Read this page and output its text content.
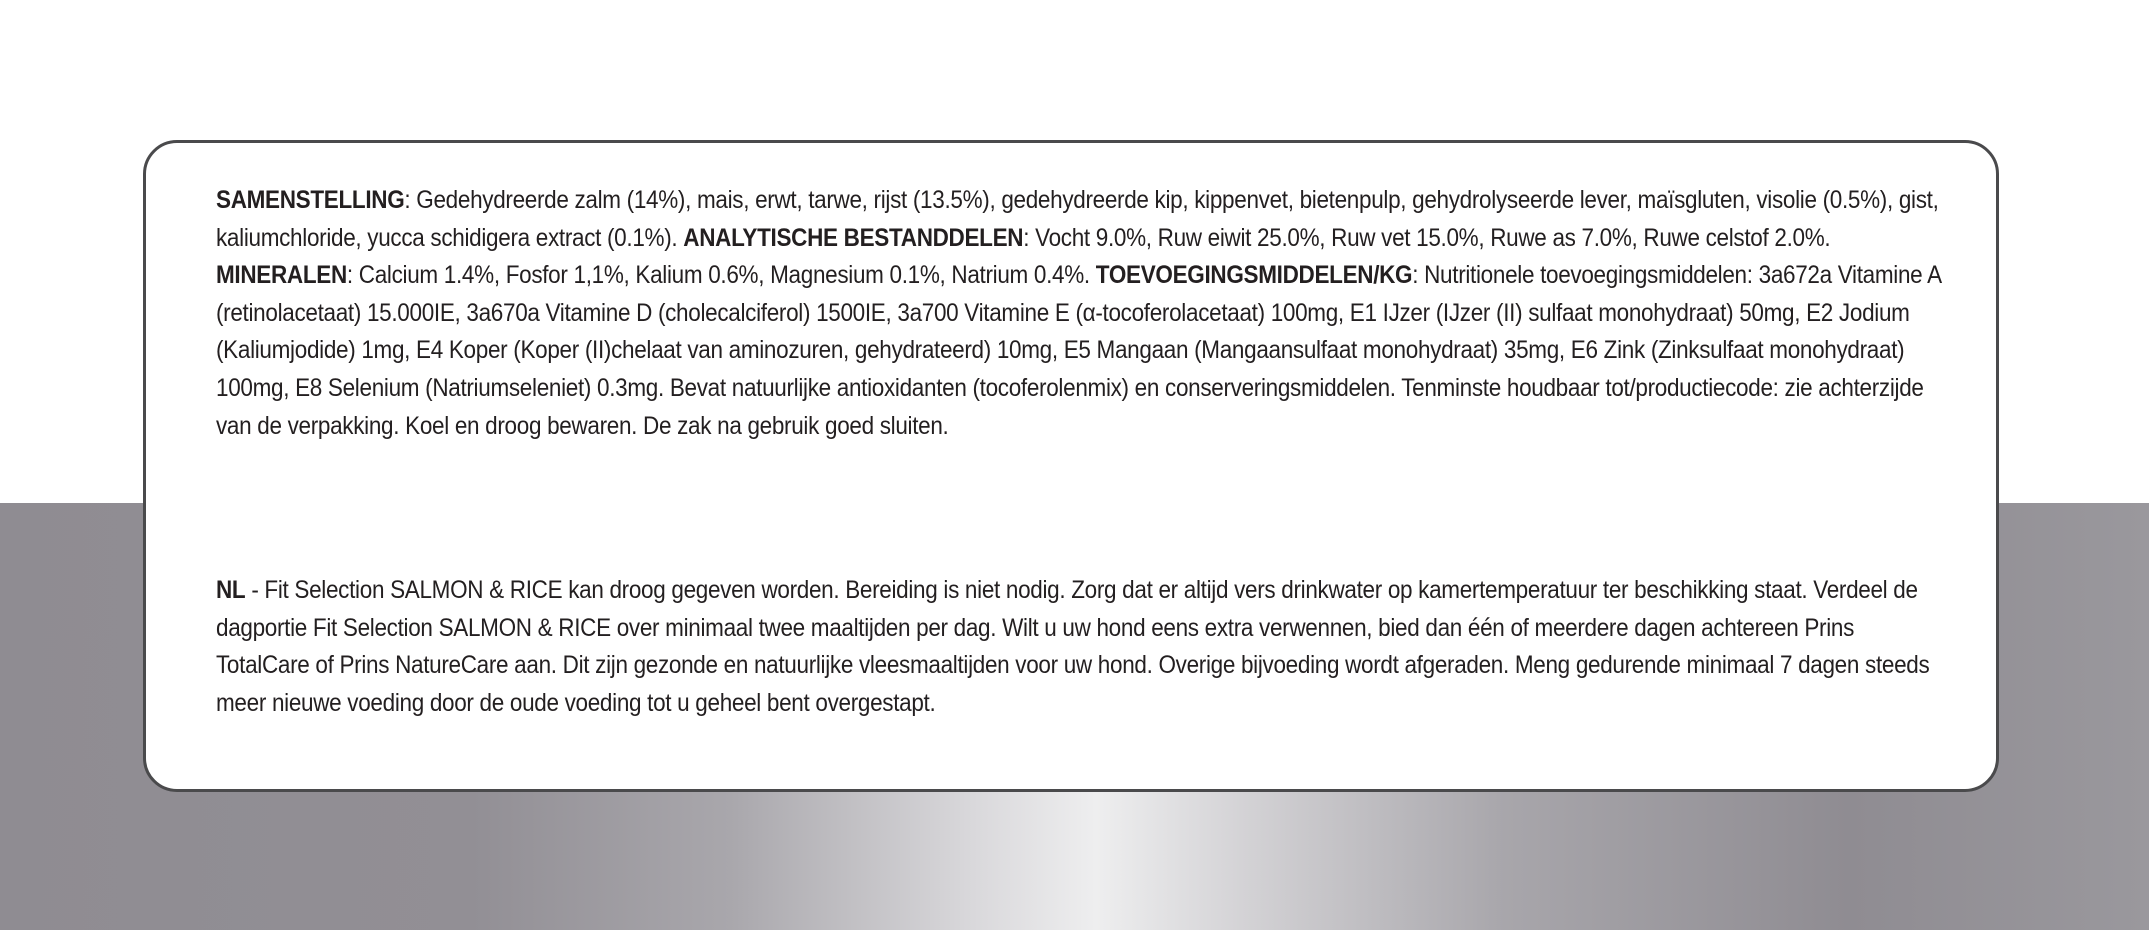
SAMENSTELLING: Gedehydreerde zalm (14%), mais, erwt, tarwe, rijst (13.5%), gedehydreerde kip, kippenvet, bietenpulp, gehydrolyseerde lever, maïsgluten, visolie (0.5%), gist, kaliumchloride, yucca schidigera extract (0.1%). ANALYTISCHE BESTANDDELEN: Vocht 9.0%, Ruw eiwit 25.0%, Ruw vet 15.0%, Ruwe as 7.0%, Ruwe celstof 2.0%. MINERALEN: Calcium 1.4%, Fosfor 1,1%, Kalium 0.6%, Magnesium 0.1%, Natrium 0.4%. TOEVOEGINGSMIDDELEN/KG: Nutritionele toevoegingsmiddelen: 3a672a Vitamine A (retinolacetaat) 15.000IE, 3a670a Vitamine D (cholecalciferol) 1500IE, 3a700 Vitamine E (α-tocoferolacetaat) 100mg, E1 IJzer (IJzer (II) sulfaat monohydraat) 50mg, E2 Jodium (Kaliumjodide) 1mg, E4 Koper (Koper (II)chelaat van aminozuren, gehydrateerd) 10mg, E5 Mangaan (Mangaansulfaat monohydraat) 35mg, E6 Zink (Zinksulfaat monohydraat) 100mg, E8 Selenium (Natriumseleniet) 0.3mg. Bevat natuurlijke antioxidanten (tocoferolenmix) en conserveringsmiddelen. Tenminste houdbaar tot/productiecode: zie achterzijde van de verpakking. Koel en droog bewaren. De zak na gebruik goed sluiten.

NL - Fit Selection SALMON & RICE kan droog gegeven worden. Bereiding is niet nodig. Zorg dat er altijd vers drinkwater op kamertemperatuur ter beschikking staat. Verdeel de dagportie Fit Selection SALMON & RICE over minimaal twee maaltijden per dag. Wilt u uw hond eens extra verwennen, bied dan één of meerdere dagen achtereen Prins TotalCare of Prins NatureCare aan. Dit zijn gezonde en natuurlijke vleesmaaltijden voor uw hond. Overige bijvoeding wordt afgeraden. Meng gedurende minimaal 7 dagen steeds meer nieuwe voeding door de oude voeding tot u geheel bent overgestapt.
